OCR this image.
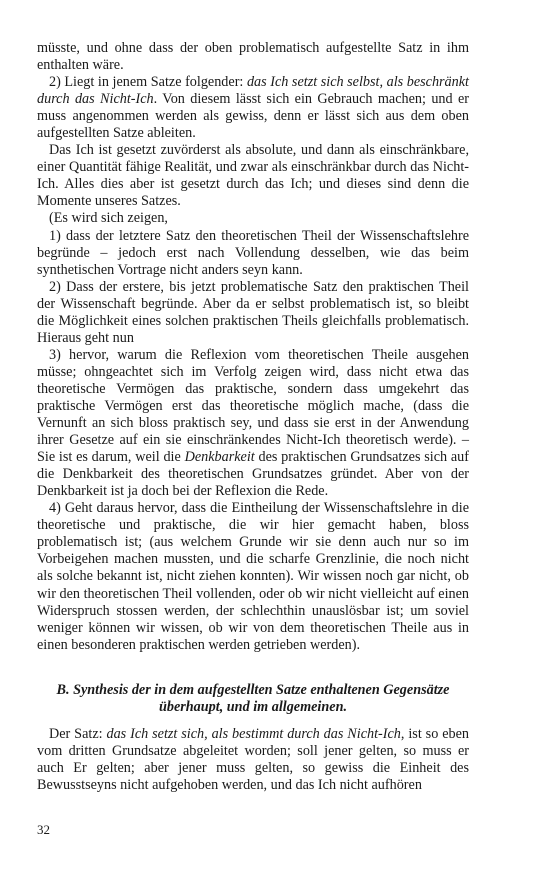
müsste, und ohne dass der oben problematisch aufgestellte Satz in ihm enthalten wäre.

2) Liegt in jenem Satze folgender: das Ich setzt sich selbst, als beschränkt durch das Nicht-Ich. Von diesem lässt sich ein Gebrauch machen; und er muss angenommen werden als gewiss, denn er lässt sich aus dem oben aufgestellten Satze ableiten.

Das Ich ist gesetzt zuvörderst als absolute, und dann als einschränkbare, einer Quantität fähige Realität, und zwar als einschränkbar durch das Nicht-Ich. Alles dies aber ist gesetzt durch das Ich; und dieses sind denn die Momente unseres Satzes.

(Es wird sich zeigen,

1) dass der letztere Satz den theoretischen Theil der Wissenschaftslehre begründe – jedoch erst nach Vollendung desselben, wie das beim synthetischen Vortrage nicht anders seyn kann.

2) Dass der erstere, bis jetzt problematische Satz den praktischen Theil der Wissenschaft begründe. Aber da er selbst problematisch ist, so bleibt die Möglichkeit eines solchen praktischen Theils gleichfalls problematisch. Hieraus geht nun

3) hervor, warum die Reflexion vom theoretischen Theile ausgehen müsse; ohngeachtet sich im Verfolg zeigen wird, dass nicht etwa das theoretische Vermögen das praktische, sondern dass umgekehrt das praktische Vermögen erst das theoretische möglich mache, (dass die Vernunft an sich bloss praktisch sey, und dass sie erst in der Anwendung ihrer Gesetze auf ein sie einschränkendes Nicht-Ich theoretisch werde). – Sie ist es darum, weil die Denkbarkeit des praktischen Grundsatzes sich auf die Denkbarkeit des theoretischen Grundsatzes gründet. Aber von der Denkbarkeit ist ja doch bei der Reflexion die Rede.

4) Geht daraus hervor, dass die Eintheilung der Wissenschaftslehre in die theoretische und praktische, die wir hier gemacht haben, bloss problematisch ist; (aus welchem Grunde wir sie denn auch nur so im Vorbeigehen machen mussten, und die scharfe Grenzlinie, die noch nicht als solche bekannt ist, nicht ziehen konnten). Wir wissen noch gar nicht, ob wir den theoretischen Theil vollenden, oder ob wir nicht vielleicht auf einen Widerspruch stossen werden, der schlechthin unauslösbar ist; um soviel weniger können wir wissen, ob wir von dem theoretischen Theile aus in einen besonderen praktischen werden getrieben werden).

B. Synthesis der in dem aufgestellten Satze enthaltenen Gegensätze
überhaupt, und im allgemeinen.

Der Satz: das Ich setzt sich, als bestimmt durch das Nicht-Ich, ist so eben vom dritten Grundsatze abgeleitet worden; soll jener gelten, so muss er auch Er gelten; aber jener muss gelten, so gewiss die Einheit des Bewusstseyns nicht aufgehoben werden, und das Ich nicht aufhören

32
